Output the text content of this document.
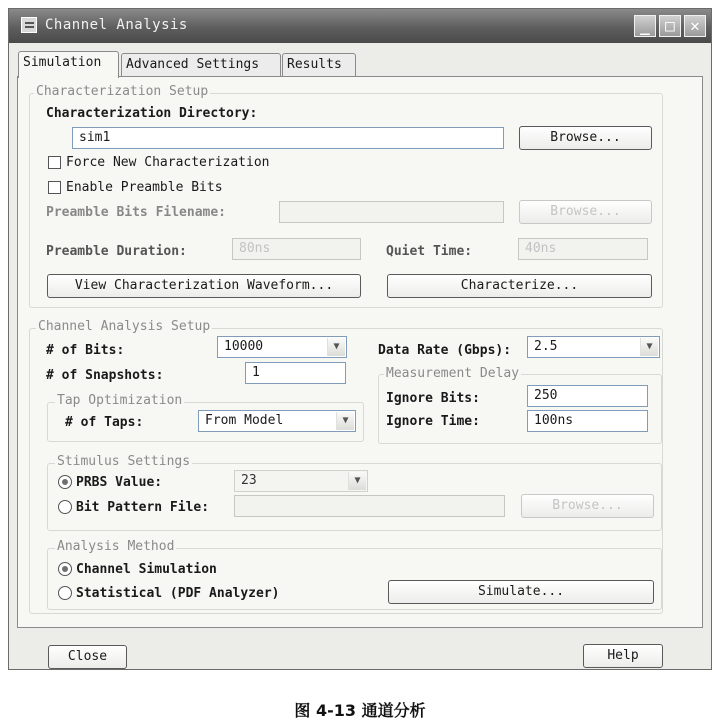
Channel Analysis	_ □ ✕
Simulation	Advanced Settings	Results
Characterization Setup
Characterization Directory:
sim1	Browse...
Force New Characterization
Enable Preamble Bits
Preamble Bits Filename:	Browse...
Preamble Duration:	80ns	Quiet Time:	40ns
View Characterization Waveform...	Characterize...
Channel Analysis Setup
# of Bits:	10000	▼	Data Rate (Gbps):	2.5	▼
# of Snapshots:	1	Measurement Delay
Ignore Bits:	250
Ignore Time:	100ns
Tap Optimization
# of Taps:	From Model	▼
Stimulus Settings
PRBS Value:	23	▼
Bit Pattern File:	Browse...
Analysis Method
Channel Simulation
Statistical (PDF Analyzer)	Simulate...
Close	Help
图 4-13 通道分析
